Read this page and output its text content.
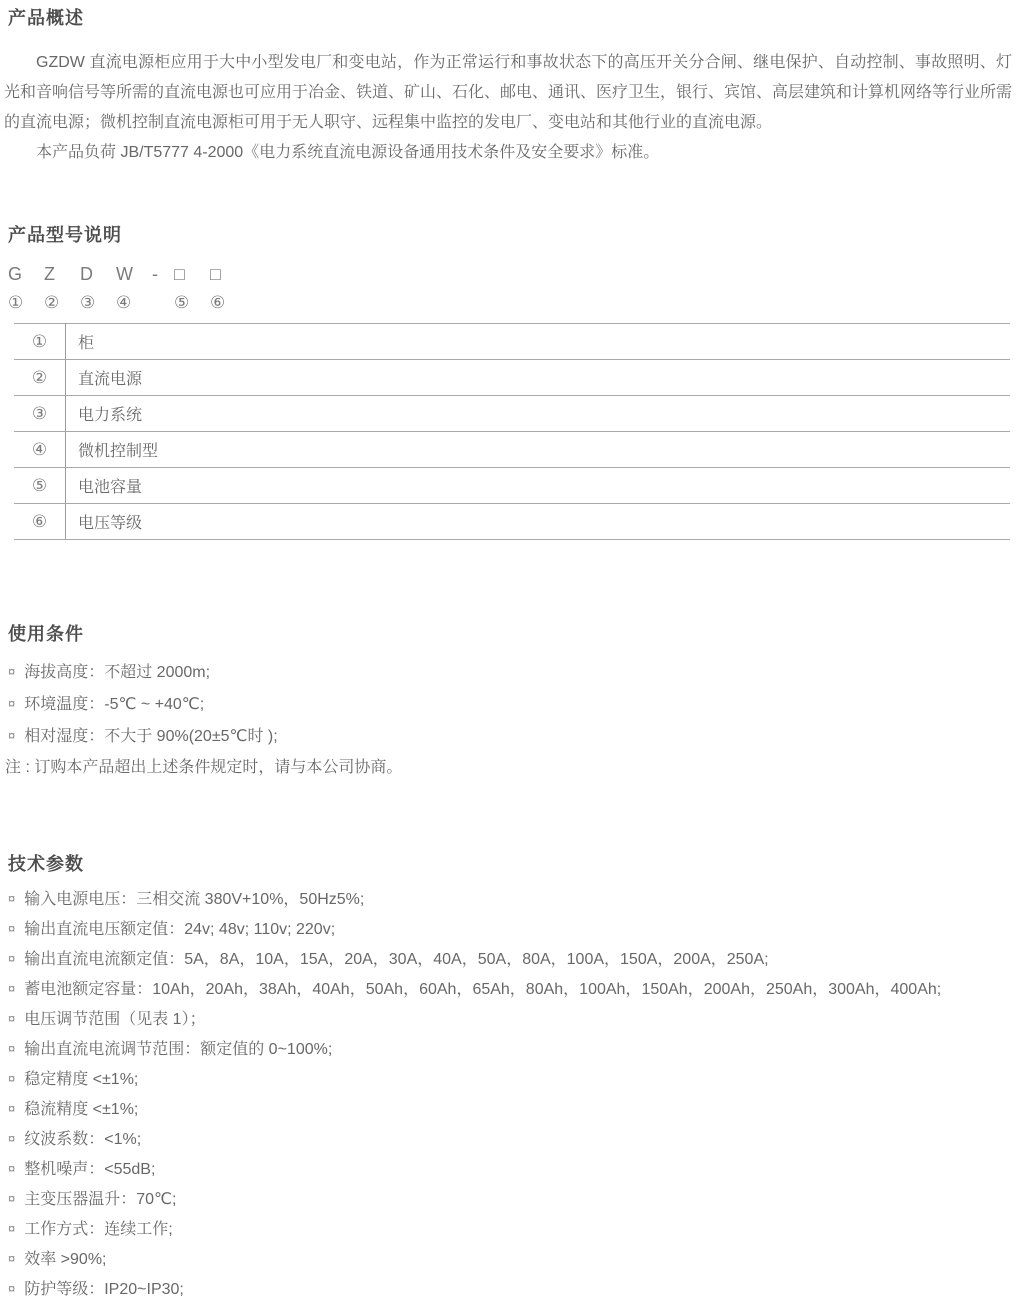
产品概述

GZDW 直流电源柜应用于大中小型发电厂和变电站，作为正常运行和事故状态下的高压开关分合闸、继电保护、自动控制、事故照明、灯光和音响信号等所需的直流电源也可应用于冶金、铁道、矿山、石化、邮电、通讯、医疗卫生，银行、宾馆、高层建筑和计算机网络等行业所需的直流电源；微机控制直流电源柜可用于无人职守、远程集中监控的发电厂、变电站和其他行业的直流电源。

本产品负荷 JB/T5777 4-2000《电力系统直流电源设备通用技术条件及安全要求》标准。

产品型号说明
G Z D W - □ □
① ② ③ ④	⑤ ⑥
①	柜
②	直流电源
③	电力系统
④	微机控制型
⑤	电池容量
⑥	电压等级
使用条件
¤ 海拔高度：不超过 2000m;
¤ 环境温度：-5℃ ~ +40℃;
¤ 相对湿度：不大于 90%(20±5℃时 );

注 : 订购本产品超出上述条件规定时，请与本公司协商。

技术参数
¤ 输入电源电压：三相交流 380V+10%，50Hz5%;
¤ 输出直流电压额定值：24v; 48v; 110v; 220v;
¤ 输出直流电流额定值：5A，8A，10A，15A，20A，30A，40A，50A，80A，100A，150A，200A，250A;
¤ 蓄电池额定容量：10Ah，20Ah，38Ah，40Ah，50Ah，60Ah，65Ah，80Ah，100Ah，150Ah，200Ah，250Ah，300Ah，400Ah;
¤ 电压调节范围（见表 1）；
¤ 输出直流电流调节范围：额定值的 0~100%;
¤ 稳定精度 <±1%;
¤ 稳流精度 <±1%;
¤ 纹波系数：<1%;
¤ 整机噪声：<55dB;
¤ 主变压器温升：70℃;
¤ 工作方式：连续工作;
¤ 效率 >90%;
¤ 防护等级：IP20~IP30;
